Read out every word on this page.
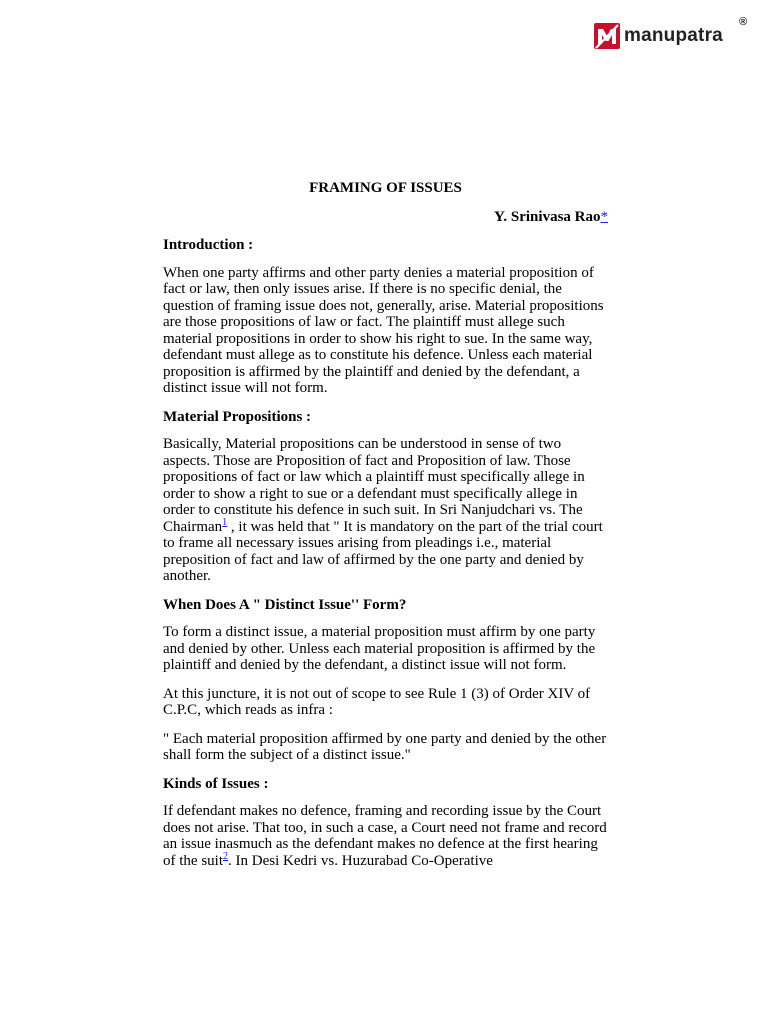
manupatra
®
FRAMING OF ISSUES
Y. Srinivasa Rao*
Introduction :

When one party affirms and other party denies a material proposition of fact or law, then only issues arise. If there is no specific denial, the question of framing issue does not, generally, arise. Material propositions are those propositions of law or fact. The plaintiff must allege such material propositions in order to show his right to sue. In the same way, defendant must allege as to constitute his defence. Unless each material proposition is affirmed by the plaintiff and denied by the defendant, a distinct issue will not form.

Material Propositions :

Basically, Material propositions can be understood in sense of two aspects. Those are Proposition of fact and Proposition of law. Those propositions of fact or law which a plaintiff must specifically allege in order to show a right to sue or a defendant must specifically allege in order to constitute his defence in such suit. In Sri Nanjudchari vs. The Chairman$^1$ , it was held that " It is mandatory on the part of the trial court to frame all necessary issues arising from pleadings i.e., material preposition of fact and law of affirmed by the one party and denied by another.

When Does A " Distinct Issue'' Form?

To form a distinct issue, a material proposition must affirm by one party and denied by other. Unless each material proposition is affirmed by the plaintiff and denied by the defendant, a distinct issue will not form.

At this juncture, it is not out of scope to see Rule 1 (3) of Order XIV of C.P.C, which reads as infra :

" Each material proposition affirmed by one party and denied by the other shall form the subject of a distinct issue."

Kinds of Issues :

If defendant makes no defence, framing and recording issue by the Court does not arise. That too, in such a case, a Court need not frame and record an issue inasmuch as the defendant makes no defence at the first hearing of the suit$^2$. In Desi Kedri vs. Huzurabad Co-Operative
